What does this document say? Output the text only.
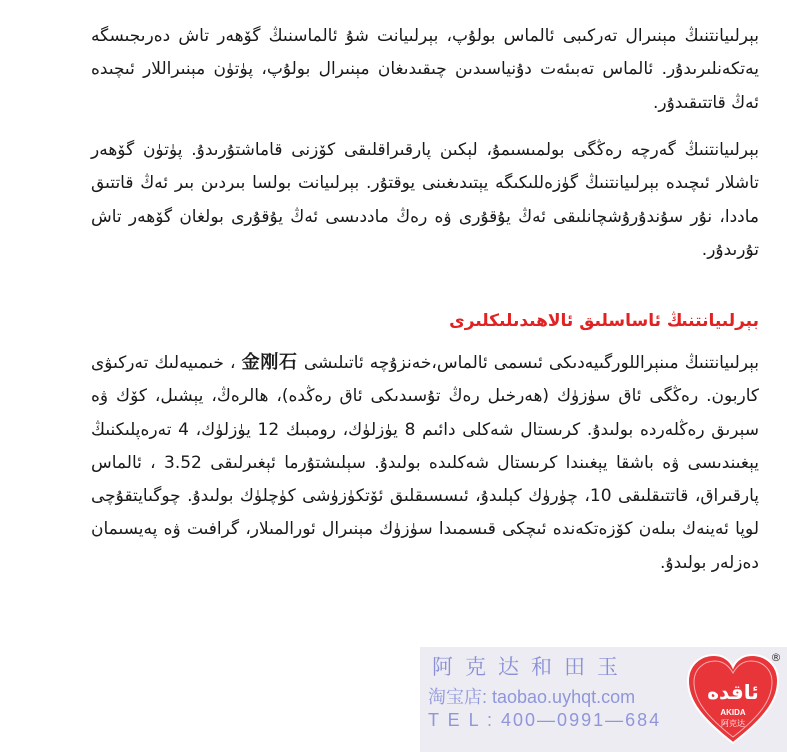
بېرلىيانتنىڭ مېنىرال تەركىبى ئالماس بولۇپ، بېرلىيانت شۇ ئالماسنىڭ گۆھەر تاش دەرىجىسگە يەتكەنلىرىدۇر. ئالماس تەبىئەت دۇنياسىدىن چىقىدىغان مېنىرال بولۇپ، پۈتۈن مېنىراللار ئىچىدە ئەڭ قاتتىقىدۇر.

بېرلىيانتنىڭ گەرچە رەڭگى بولمىسىمۇ، لېكىن پارقىراقلىقى كۆزنى قاماشتۇرىدۇ. پۈتۈن گۆھەر تاشلار ئىچىدە بېرلىيانتنىڭ گۈزەللىكىگە يېتىدىغىنى يوقتۇر. بېرلىيانت بولسا بىردىن بىر ئەڭ قاتتىق ماددا، نۇر سۇندۇرۇشچانلىقى ئەڭ يۇقۇرى ۋە رەڭ ماددىسى ئەڭ يۇقۇرى بولغان گۆھەر تاش تۇرىدۇر.

بېرلىيانتنىڭ ئاساسلىق ئالاھىدىلىكلىرى

بېرلىيانتنىڭ مىنېراللورگىيەدىكى ئىسمى ئالماس،خەنزۇچە ئاتىلىشى 金刚石 ، خىمىيەلىك تەركىۋى كاربون. رەڭگى ئاق سۈزۈك (ھەرخىل رەڭ تۇسىدىكى ئاق رەڭدە)، ھالرەڭ، يېشىل، كۆك ۋە سېرىق رەڭلەردە بولىدۇ. كرىستال شەكلى دائىم 8 يۈزلۈك، رومبىك 12 يۈزلۈك، 4 تەرەپلىكنىڭ يېغىندىسى ۋە باشقا يېغىندا كرىستال شەكلىدە بولىدۇ. سېلىشتۇرما ئېغىرلىقى 3.52 ، ئالماس پارقىراق، قاتتىقلىقى 10، چۈرۈك كېلىدۇ، ئىسسىقلىق ئۆتكۈزۈشى كۈچلۈك بولىدۇ. چوگىايتقۇچى لوپا ئەينەك بىلەن كۆزەتكەندە ئىچكى قىسمىدا سۈزۈك مېنىرال ئورالمىلار، گرافىت ۋە پەيسىمان دەزلەر بولىدۇ.

阿克达和田玉
淘宝店: taobao.uyhqt.com
T E L : 400—0991—684
ئاقدە
AKIDA
阿克达
®
